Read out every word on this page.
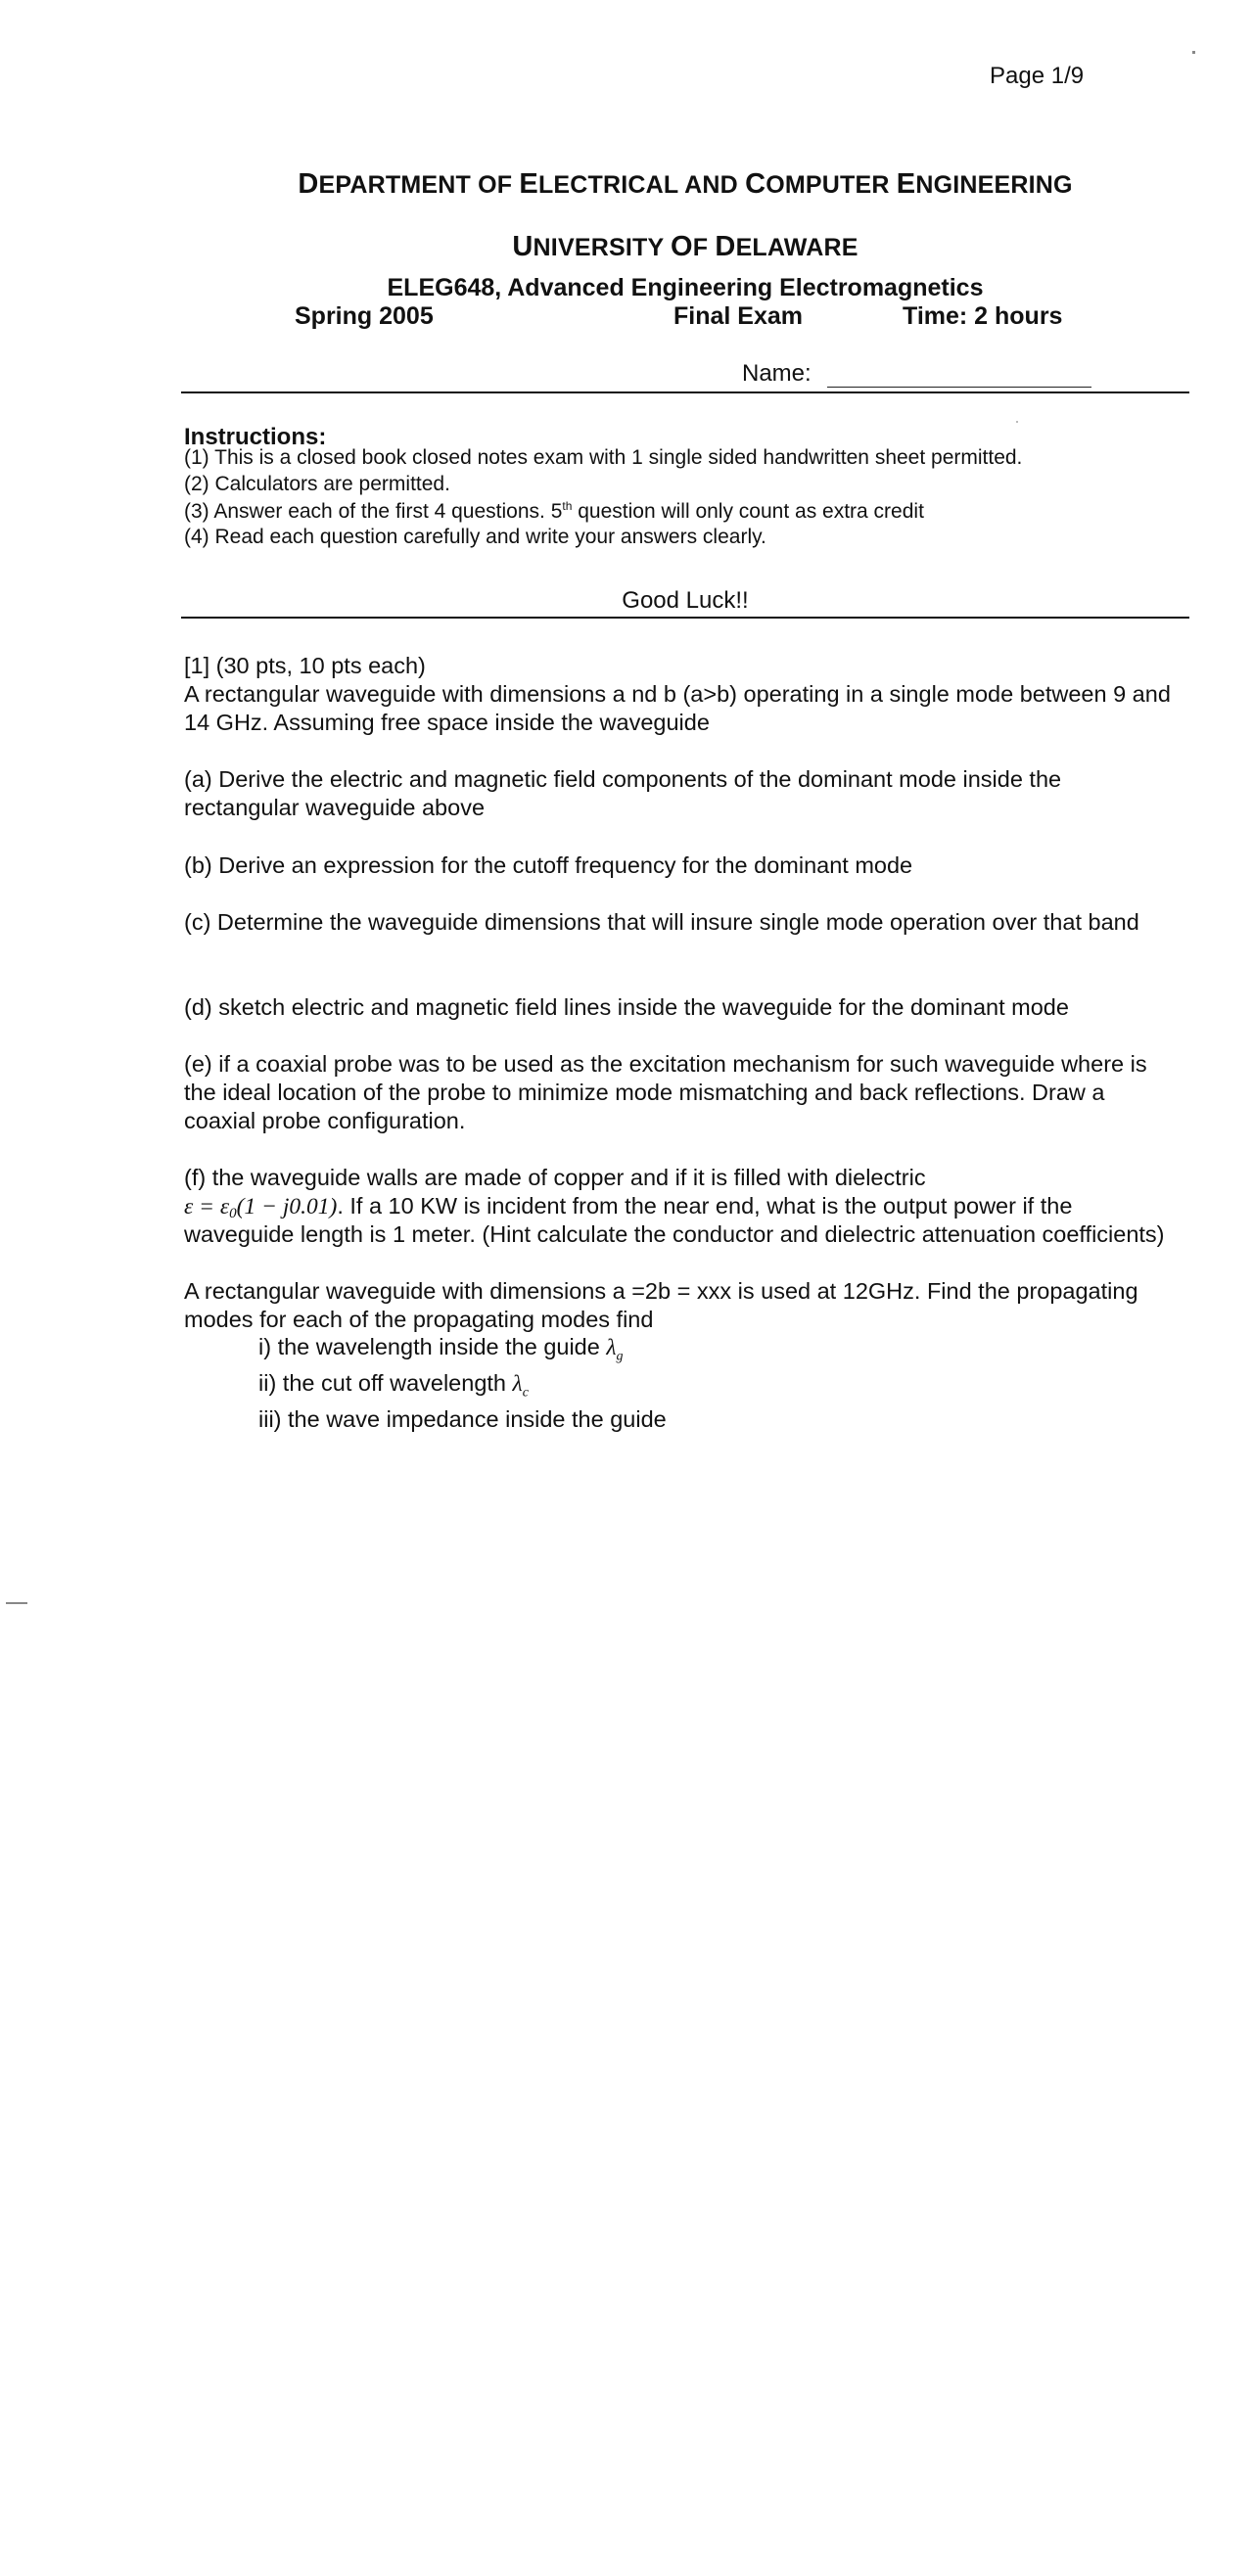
Page 1/9
DEPARTMENT OF ELECTRICAL AND COMPUTER ENGINEERING
UNIVERSITY OF DELAWARE
ELEG648, Advanced Engineering Electromagnetics
Spring 2005	Final Exam	Time: 2 hours
Name:
Instructions:
(1) This is a closed book closed notes exam with 1 single sided handwritten sheet permitted.
(2) Calculators are permitted.
(3) Answer each of the first 4 questions. 5th question will only count as extra credit
(4) Read each question carefully and write your answers clearly.
Good Luck!!
[1] (30 pts, 10 pts each)
A rectangular waveguide with dimensions a nd b (a>b) operating in a single mode between 9 and 14 GHz. Assuming free space inside the waveguide
(a) Derive the electric and magnetic field components of the dominant mode inside the rectangular waveguide above
(b) Derive an expression for the cutoff frequency for the dominant mode
(c) Determine the waveguide dimensions that will insure single mode operation over that band
(d) sketch electric and magnetic field lines inside the waveguide for the dominant mode
(e) if a coaxial probe was to be used as the excitation mechanism for such waveguide where is the ideal location of the probe to minimize mode mismatching and back reflections. Draw a coaxial probe configuration.
(f) the waveguide walls are made of copper and if it is filled with dielectric
$\varepsilon = \varepsilon_0(1 - j0.01)$. If a 10 KW is incident from the near end, what is the output power if the
waveguide length is 1 meter. (Hint calculate the conductor and dielectric attenuation coefficients)
A rectangular waveguide with dimensions a =2b = xxx is used at 12GHz. Find the propagating modes for each of the propagating modes find
i) the wavelength inside the guide $\lambda_g$
ii) the cut off wavelength $\lambda_c$
iii) the wave impedance inside the guide
